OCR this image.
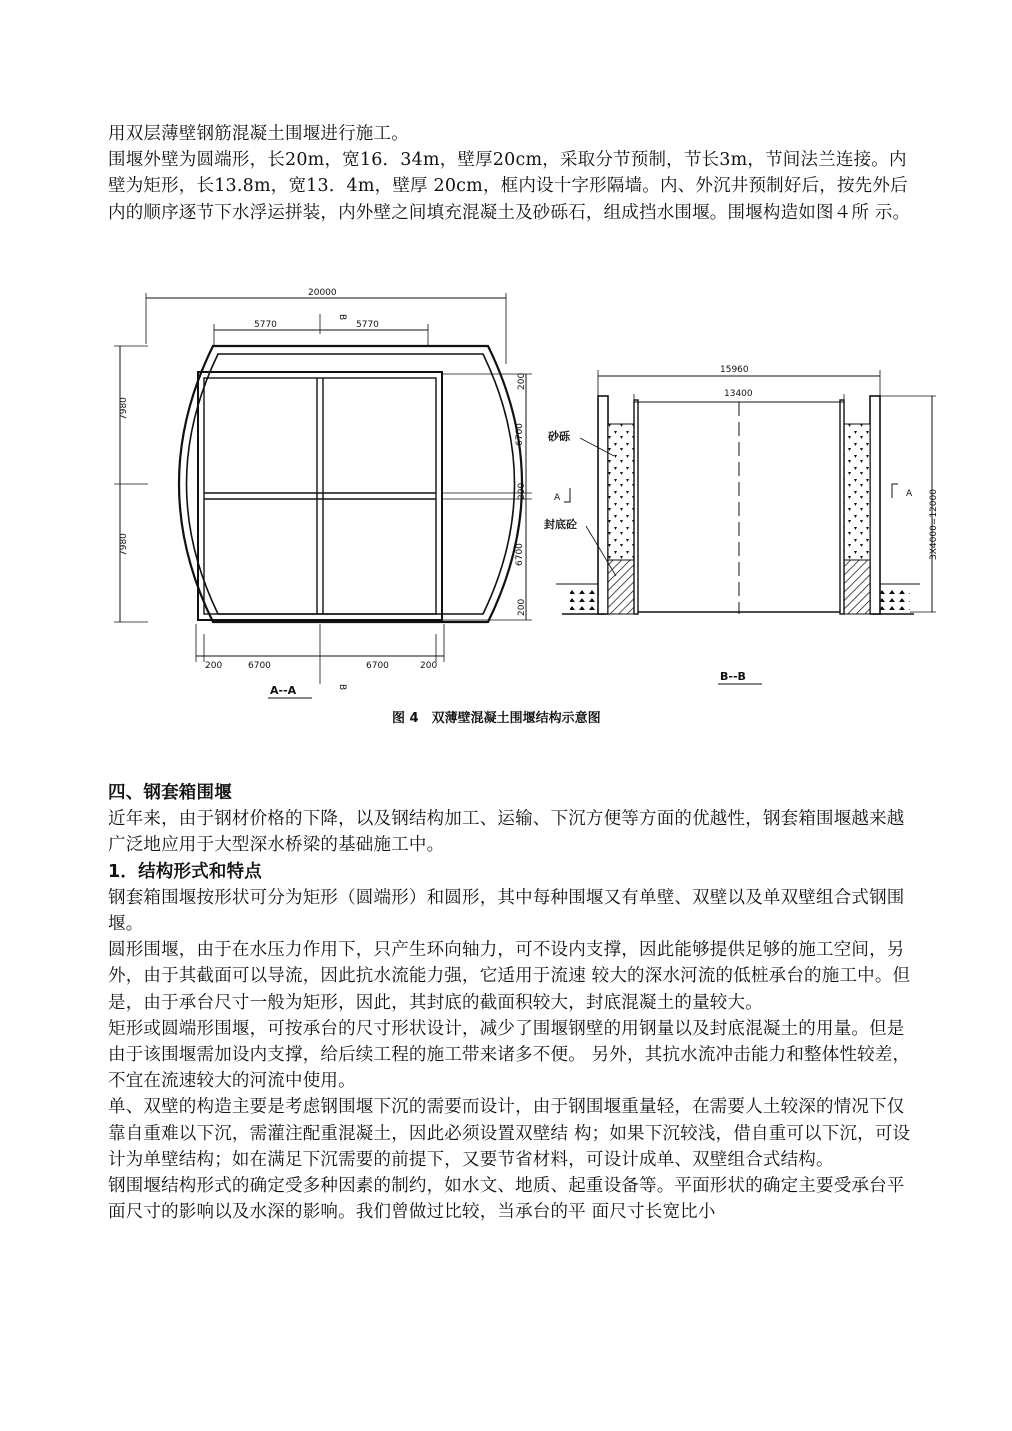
用双层薄壁钢筋混凝土围堰进行施工。

围堰外壁为圆端形，长20m，宽16．34m，壁厚20cm，采取分节预制，节长3m，节间法兰连接。内壁为矩形，长13.8m，宽13．4m，壁厚 20cm，框内设十字形隔墙。内、外沉井预制好后，按先外后内的顺序逐节下水浮运拼装，内外壁之间填充混凝土及砂砾石，组成挡水围堰。围堰构造如图４所 示。

20000
5770	5770
B
7980
7980
200
6700
200
6700
200
200	6700	6700	200
B
A--A
15960
13400
砂砾
封底砼
A	A 3X4000=12000
B--B
图 4　双薄壁混凝土围堰结构示意图

四、钢套箱围堰

近年来，由于钢材价格的下降，以及钢结构加工、运输、下沉方便等方面的优越性，钢套箱围堰越来越广泛地应用于大型深水桥梁的基础施工中。

1．结构形式和特点

钢套箱围堰按形状可分为矩形（圆端形）和圆形，其中每种围堰又有单壁、双壁以及单双壁组合式钢围堰。

圆形围堰，由于在水压力作用下，只产生环向轴力，可不设内支撑，因此能够提供足够的施工空间，另外，由于其截面可以导流，因此抗水流能力强，它适用于流速 较大的深水河流的低桩承台的施工中。但是，由于承台尺寸一般为矩形，因此，其封底的截面积较大，封底混凝土的量较大。

矩形或圆端形围堰，可按承台的尺寸形状设计，减少了围堰钢壁的用钢量以及封底混凝土的用量。但是由于该围堰需加设内支撑，给后续工程的施工带来诸多不便。 另外，其抗水流冲击能力和整体性较差，不宜在流速较大的河流中使用。

单、双壁的构造主要是考虑钢围堰下沉的需要而设计，由于钢围堰重量轻，在需要人土较深的情况下仅靠自重难以下沉，需灌注配重混凝土，因此必须设置双壁结 构；如果下沉较浅，借自重可以下沉，可设计为单壁结构；如在满足下沉需要的前提下，又要节省材料，可设计成单、双壁组合式结构。

钢围堰结构形式的确定受多种因素的制约，如水文、地质、起重设备等。平面形状的确定主要受承台平面尺寸的影响以及水深的影响。我们曾做过比较，当承台的平 面尺寸长宽比小
